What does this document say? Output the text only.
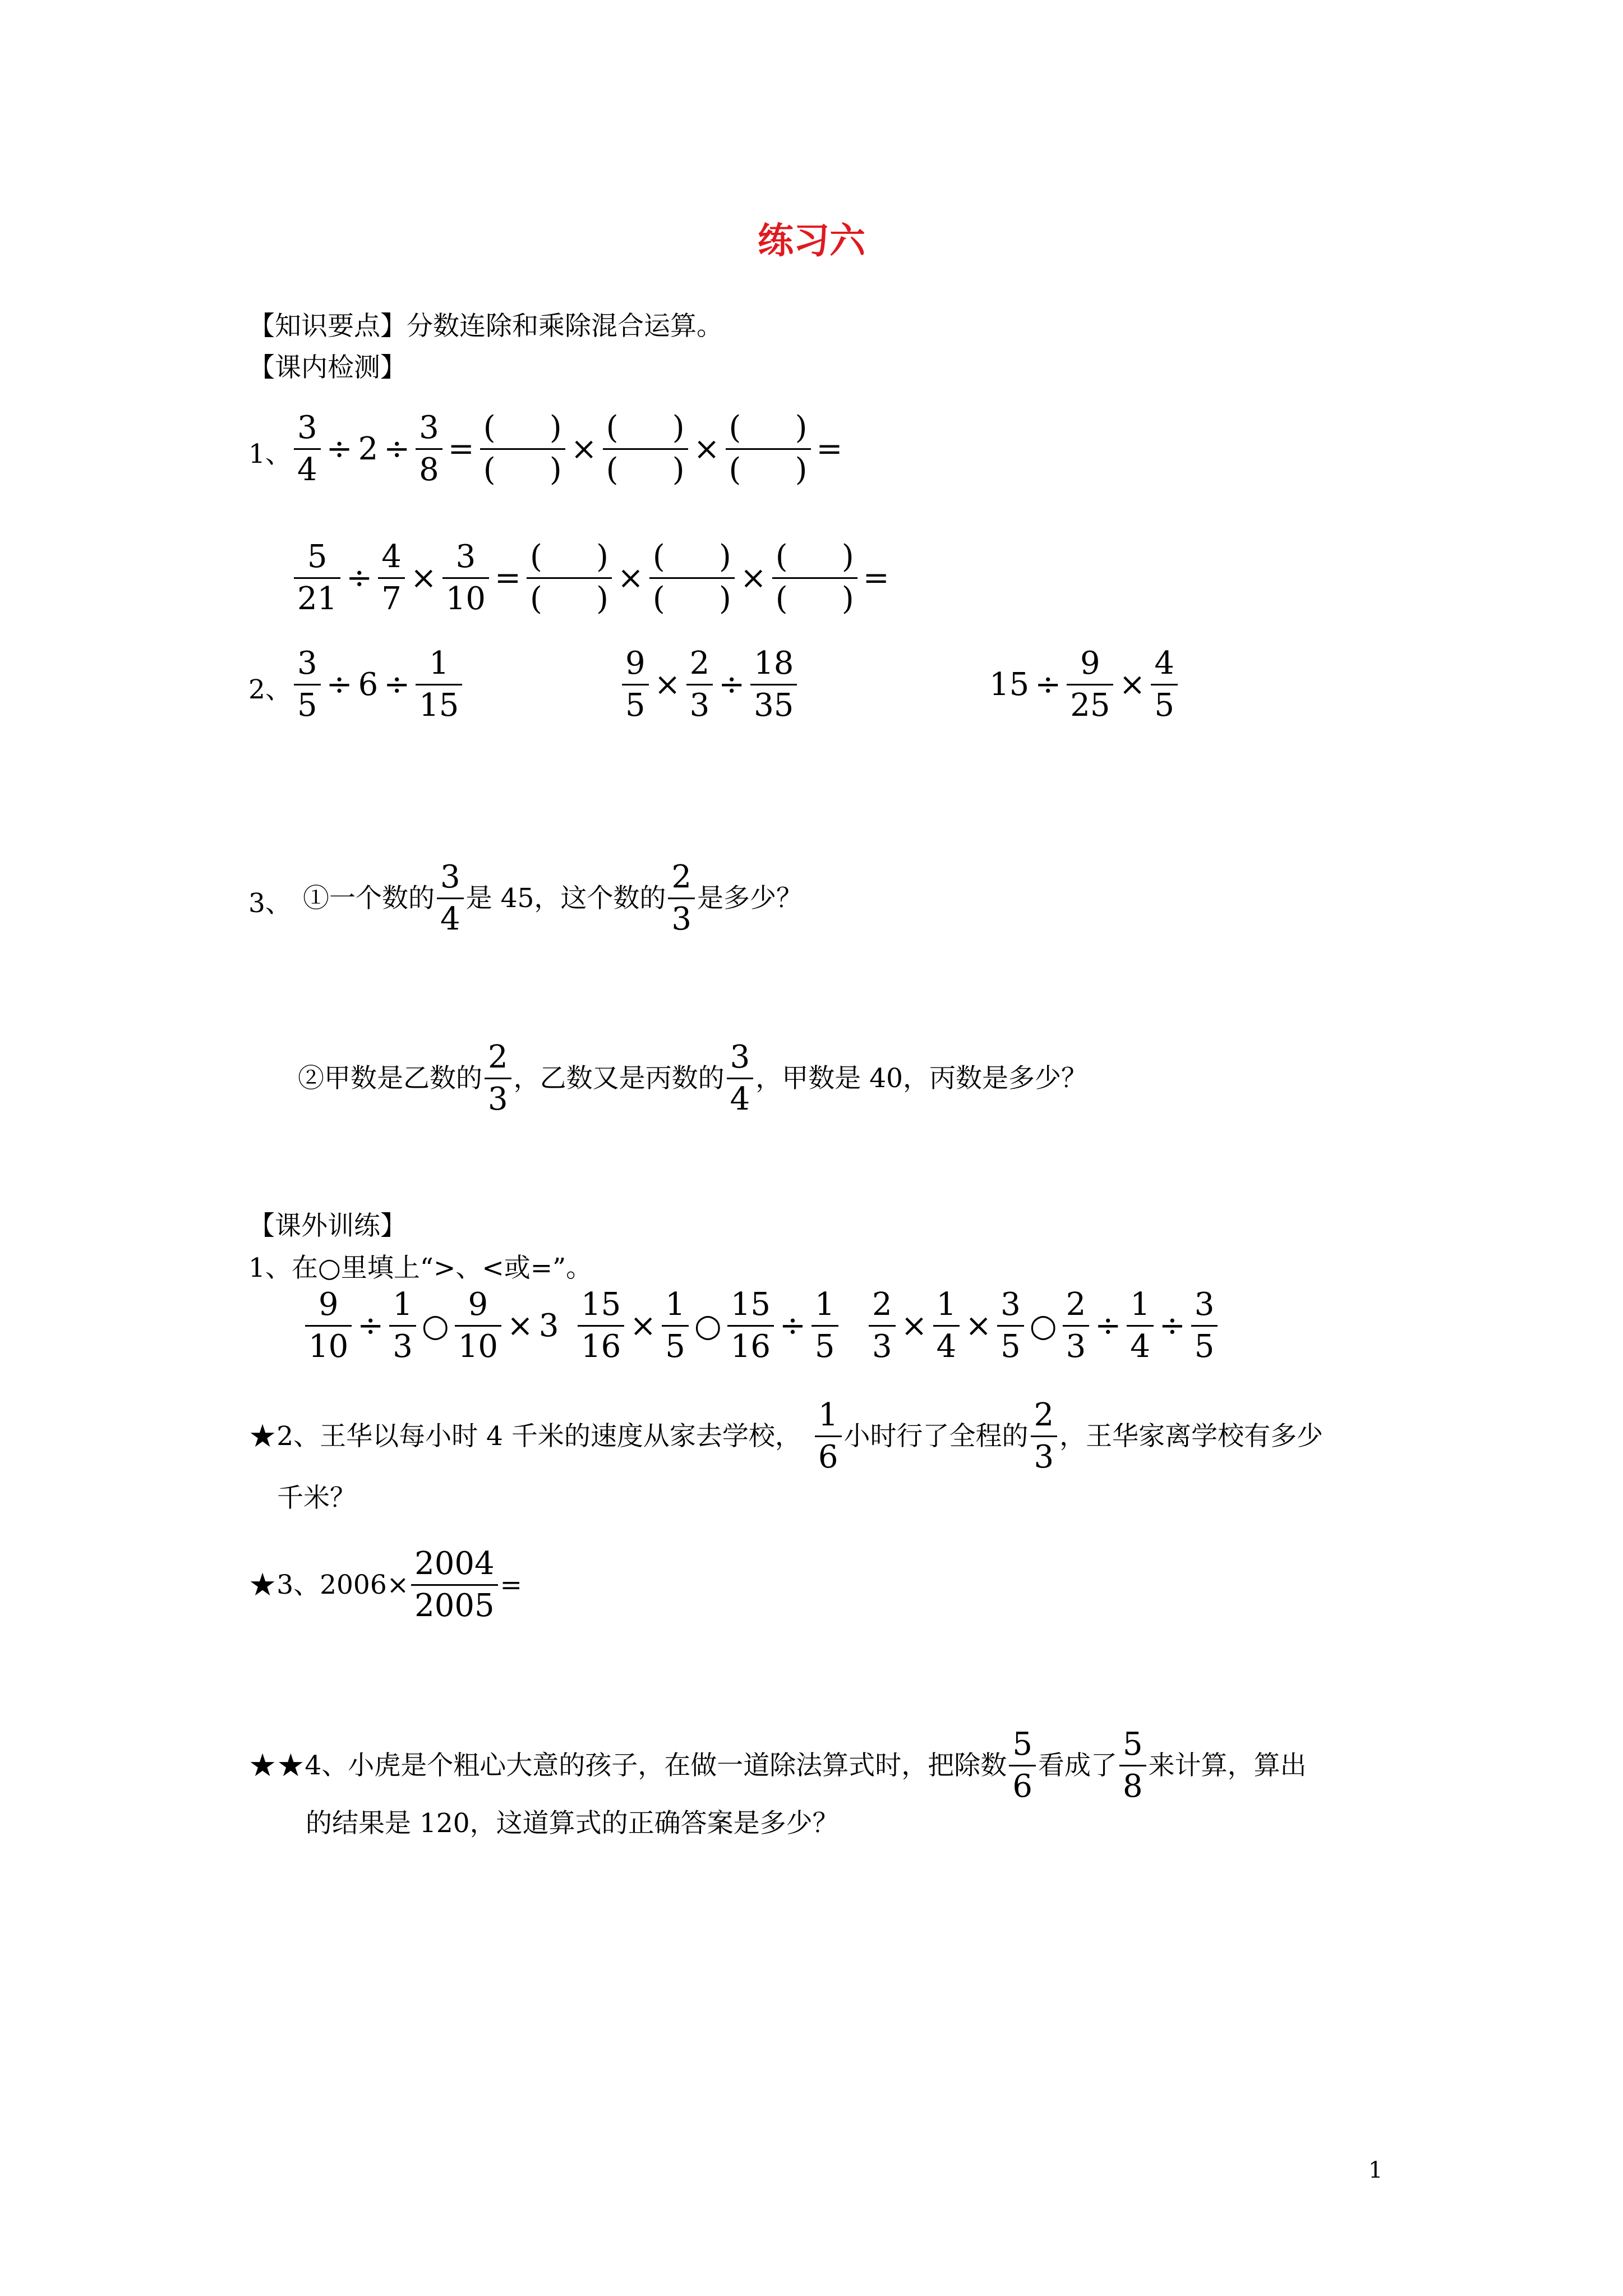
练习六
【知识要点】分数连除和乘除混合运算。
【课内检测】
1、 $\frac{3}{4} \div 2 \div \frac{3}{8} = \frac{( )}{( )} \times \frac{( )}{( )} \times \frac{( )}{( )}$ =
$\frac{5}{21} \div \frac{4}{7} \times \frac{3}{10} = \frac{( )}{( )} \times \frac{( )}{( )} \times \frac{( )}{( )}$ =
2、 $\frac{3}{5} \div 6 \div \frac{1}{15}$	$\frac{9}{5} \times \frac{2}{3} \div \frac{18}{35}$	$15 \div \frac{9}{25} \times \frac{4}{5}$
3、 ①一个数的 $\frac{3}{4}$ 是 45，这个数的 $\frac{2}{3}$ 是多少？
②甲数是乙数的 $\frac{2}{3}$ ，乙数又是丙数的 $\frac{3}{4}$ ，甲数是 40，丙数是多少？
【课外训练】
1、在○里填上“>、<或=”。
$\frac{9}{10} \div \frac{1}{3}$ ○ $\frac{9}{10} \times 3 \frac{15}{16} \times \frac{1}{5}$ ○ $\frac{15}{16} \div \frac{1}{5} \frac{2}{3} \times \frac{1}{4} \times \frac{3}{5}$ ○ $\frac{2}{3} \div \frac{1}{4} \div \frac{3}{5}$
★ 2、王华以每小时 4 千米的速度从家去学校， $\frac{1}{6}$ 小时行了全程的 $\frac{2}{3}$ ，王华家离学校有多少
千米？
★ 3、$2006\times \frac{2004}{2005}$ =
★★ 4、小虎是个粗心大意的孩子，在做一道除法算式时，把除数 $\frac{5}{6}$ 看成了 $\frac{5}{8}$ 来计算，算出
的结果是 120，这道算式的正确答案是多少？
1
